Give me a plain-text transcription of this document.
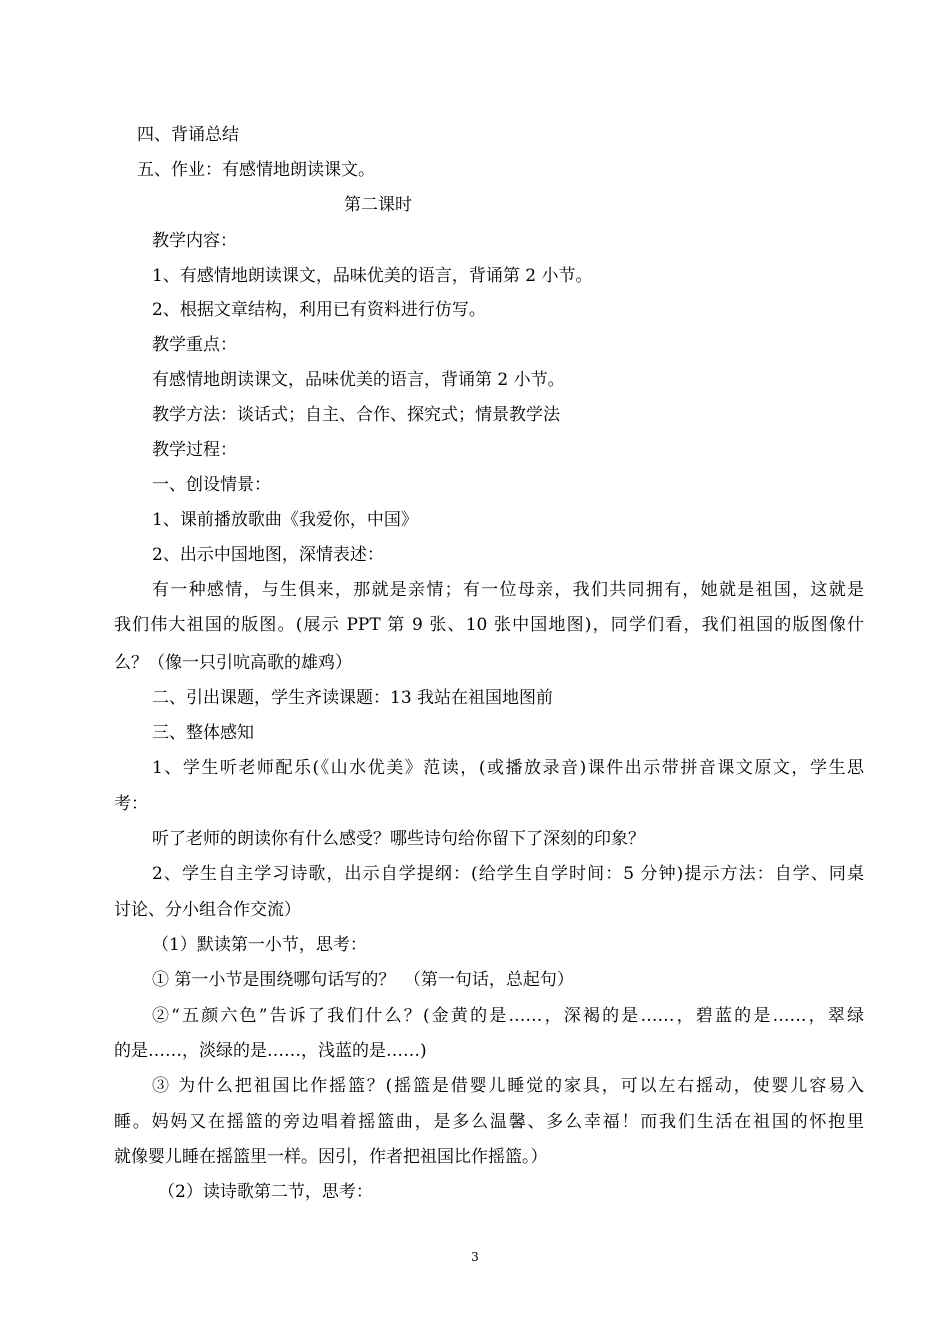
四、背诵总结
五、作业：有感情地朗读课文。
第二课时
教学内容：
1、有感情地朗读课文，品味优美的语言，背诵第 2 小节。
2、根据文章结构，利用已有资料进行仿写。
教学重点：
有感情地朗读课文，品味优美的语言，背诵第 2 小节。
教学方法：谈话式；自主、合作、探究式；情景教学法
教学过程：
一、创设情景：
1、课前播放歌曲《我爱你，中国》
2、出示中国地图，深情表述：
有一种感情，与生俱来，那就是亲情；有一位母亲，我们共同拥有，她就是祖国，这就是
我们伟大祖国的版图。(展示 PPT 第 9 张、10 张中国地图)，同学们看，我们祖国的版图像什
么？（像一只引吭高歌的雄鸡）
二、引出课题，学生齐读课题：13 我站在祖国地图前
三、整体感知
1、学生听老师配乐(《山水优美》范读，(或播放录音)课件出示带拼音课文原文，学生思
考：
听了老师的朗读你有什么感受？哪些诗句给你留下了深刻的印象？
2、学生自主学习诗歌，出示自学提纲：(给学生自学时间：5 分钟)提示方法：自学、同桌
讨论、分小组合作交流）
（1）默读第一小节，思考：
① 第一小节是围绕哪句话写的？　（第一句话，总起句）
②“五颜六色”告诉了我们什么？(金黄的是……，深褐的是……，碧蓝的是……，翠绿
的是……，淡绿的是……，浅蓝的是……)
③ 为什么把祖国比作摇篮？(摇篮是借婴儿睡觉的家具，可以左右摇动，使婴儿容易入
睡。妈妈又在摇篮的旁边唱着摇篮曲，是多么温馨、多么幸福！而我们生活在祖国的怀抱里
就像婴儿睡在摇篮里一样。因引，作者把祖国比作摇篮。）
（2）读诗歌第二节，思考：
3
